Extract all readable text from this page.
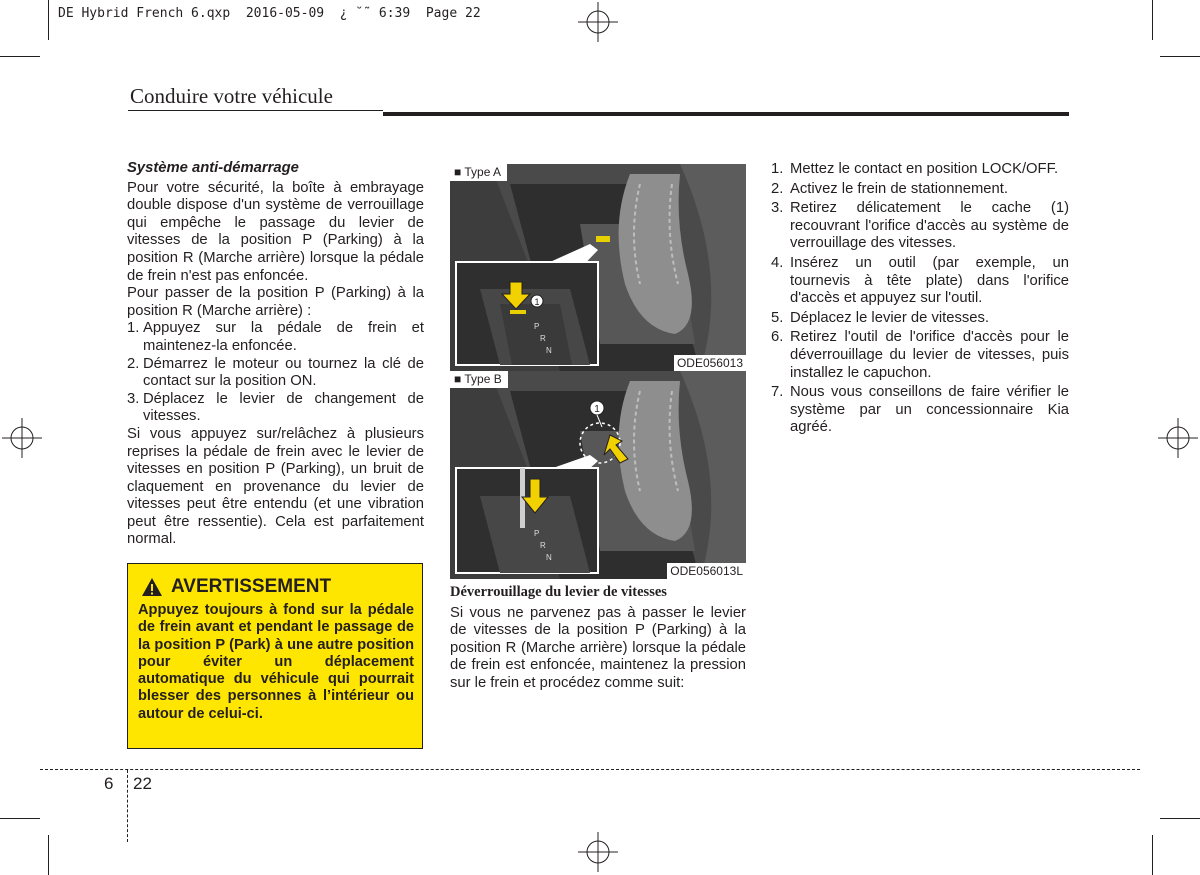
DE Hybrid French 6.qxp  2016-05-09  ¿ ˘˜ 6:39  Page 22
Conduire votre véhicule

Système anti-démarrage

Pour votre sécurité, la boîte à embrayage double dispose d'un système de verrouillage qui empêche le passage du levier de vitesses de la position P (Parking) à la position R (Marche arrière) lorsque la pédale de frein n'est pas enfoncée.

Pour passer de la position P (Parking) à la position R (Marche arrière) :

1. Appuyez sur la pédale de frein et maintenez-la enfoncée.
2. Démarrez le moteur ou tournez la clé de contact sur la position ON.
3. Déplacez le levier de changement de vitesses.

Si vous appuyez sur/relâchez à plusieurs reprises la pédale de frein avec le levier de vitesses en position P (Parking), un bruit de claquement en provenance du levier de vitesses peut être entendu (et une vibration peut être ressentie). Cela est parfaitement normal.

AVERTISSEMENT
Appuyez toujours à fond sur la pédale de frein avant et pendant le passage de la position P (Park) à une autre position pour éviter un déplacement automatique du véhicule qui pourrait blesser des personnes à l’intérieur ou autour de celui-ci.
1
P
R
N
■ Type A
ODE056013
1
P
R
N
■ Type B
ODE056013L
Déverrouillage du levier de vitesses

Si vous ne parvenez pas à passer le levier de vitesses de la position P (Parking) à la position R (Marche arrière) lorsque la pédale de frein est enfoncée, maintenez la pression sur le frein et procédez comme suit:

1. Mettez le contact en position LOCK/OFF.
2. Activez le frein de stationnement.
3. Retirez délicatement le cache (1) recouvrant l'orifice d'accès au système de verrouillage des vitesses.
4. Insérez un outil (par exemple, un tournevis à tête plate) dans l'orifice d'accès et appuyez sur l'outil.
5. Déplacez le levier de vitesses.
6. Retirez l'outil de l'orifice d'accès pour le déverrouillage du levier de vitesses, puis installez le capuchon.
7. Nous vous conseillons de faire vérifier le système par un concessionnaire Kia agréé.
6 22
